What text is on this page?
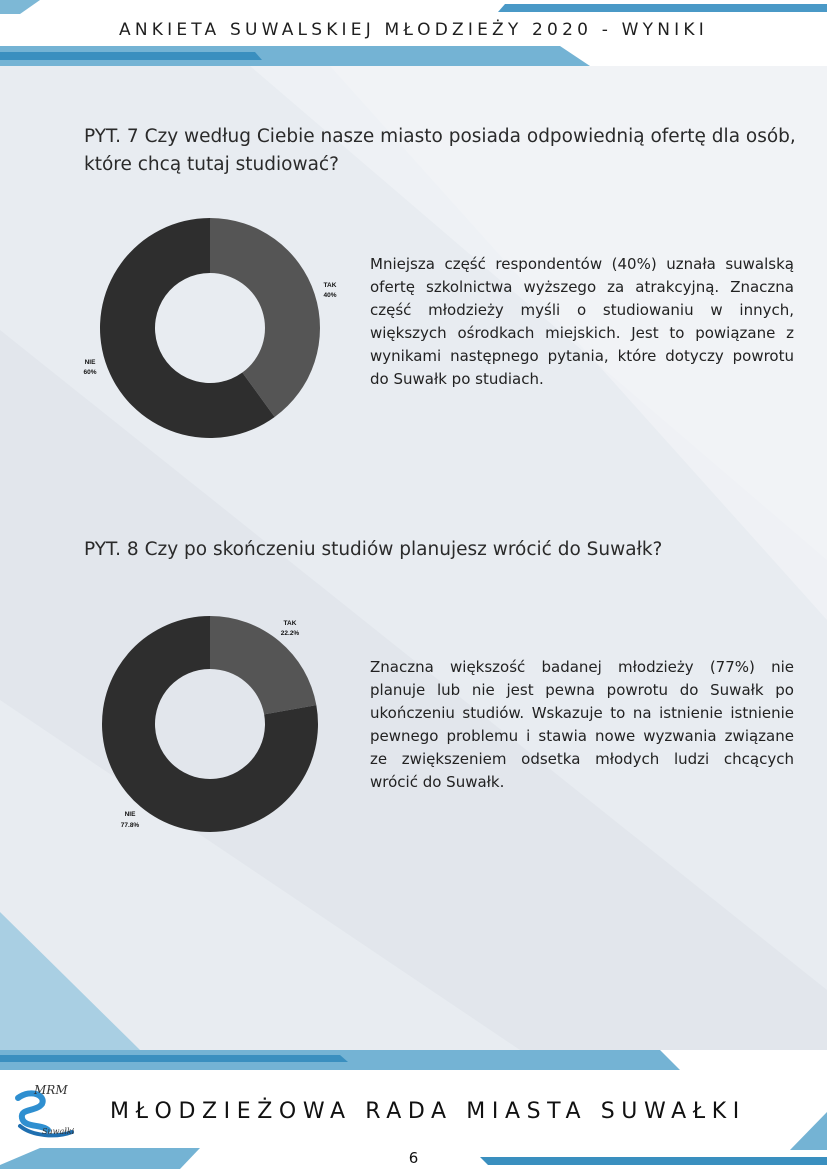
ANKIETA SUWALSKIEJ MŁODZIEŻY 2020 - WYNIKI
PYT. 7 Czy według Ciebie nasze miasto posiada odpowiednią ofertę dla osób, które chcą tutaj studiować?
TAK
40%
NIE
60%
Mniejsza część respondentów (40%) uznała suwalską ofertę szkolnictwa wyższego za atrakcyjną. Znaczna część młodzieży myśli o studiowaniu w innych, większych ośrodkach miejskich. Jest to powiązane z wynikami następnego pytania, które dotyczy powrotu do Suwałk po studiach.
PYT. 8 Czy po skończeniu studiów planujesz wrócić do Suwałk?
TAK
22.2%
NIE
77.8%
Znaczna większość badanej młodzieży (77%) nie planuje lub nie jest pewna powrotu do Suwałk po ukończeniu studiów. Wskazuje to na istnienie istnienie pewnego problemu i stawia nowe wyzwania związane ze zwiększeniem odsetka młodych ludzi chcących wrócić do Suwałk.
MRM
Suwałki
MŁODZIEŻOWA RADA MIASTA SUWAŁKI
6
